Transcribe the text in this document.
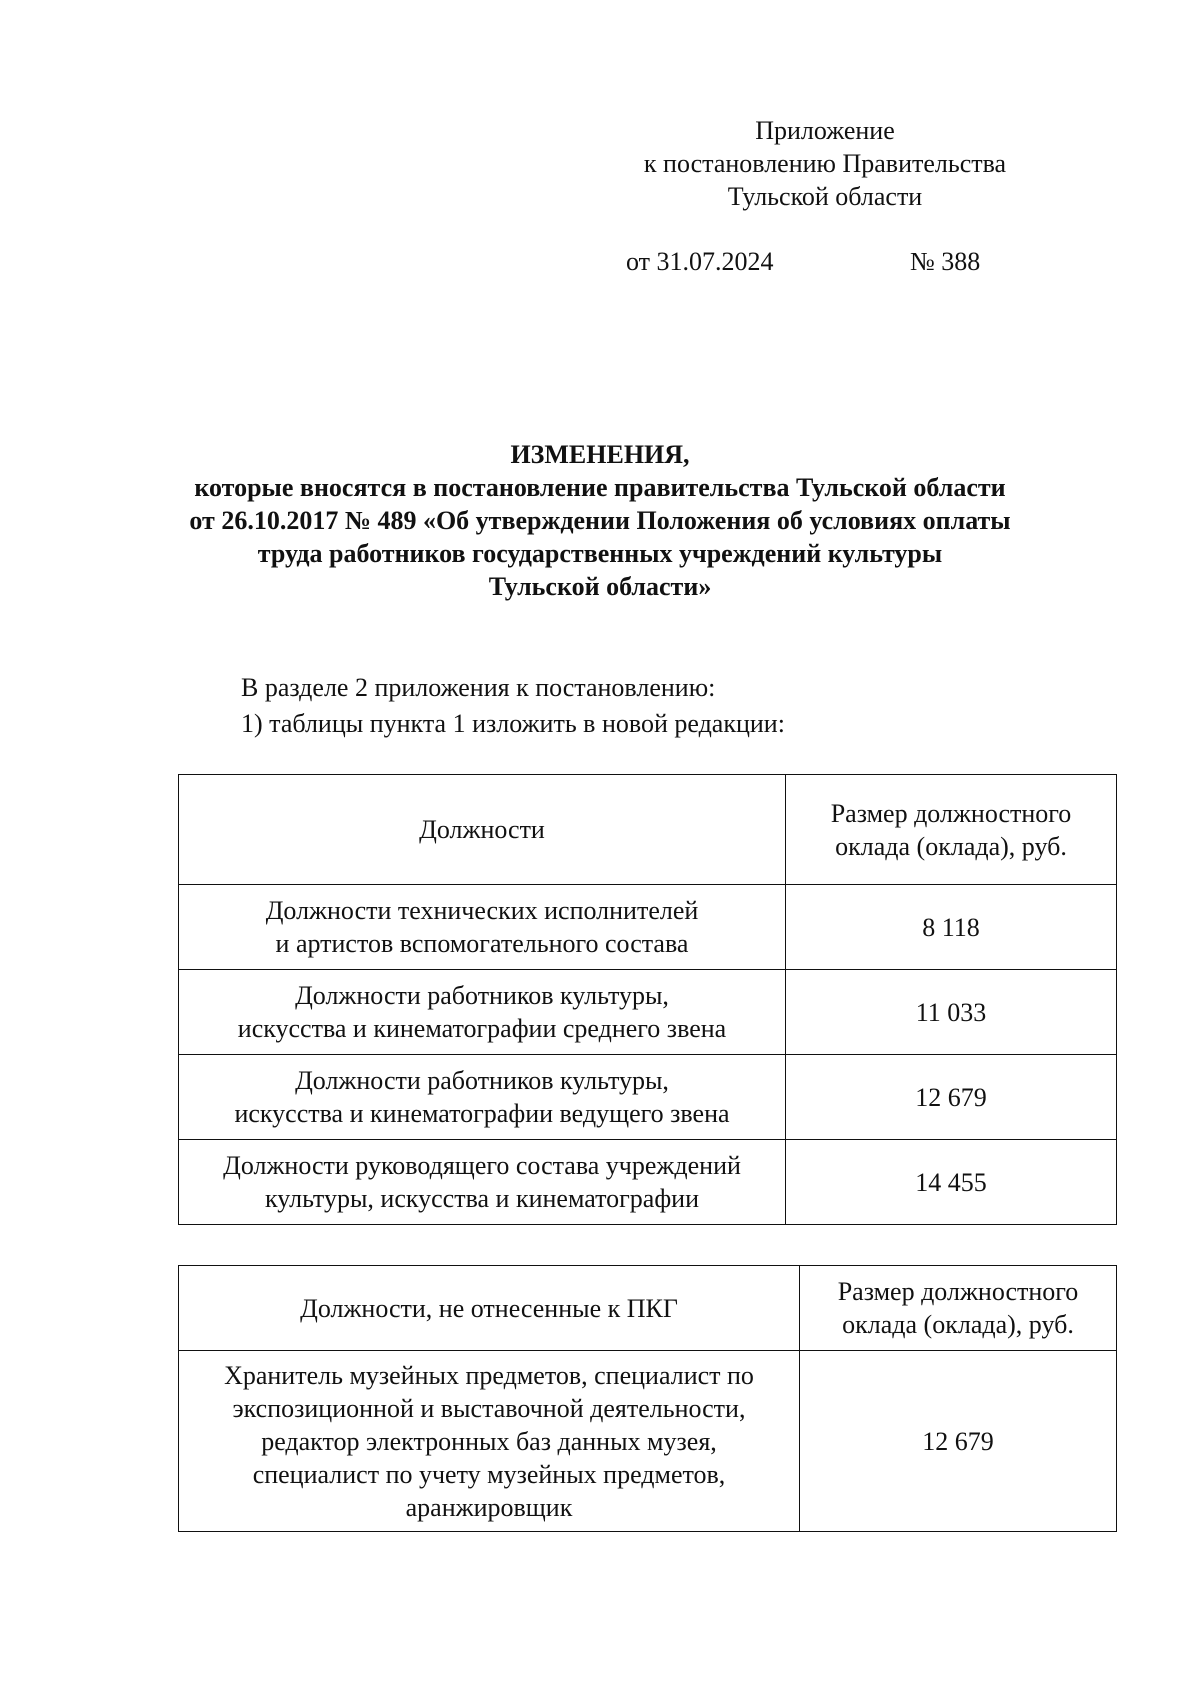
Приложение
к постановлению Правительства
Тульской области
от 31.07.2024	№ 388
ИЗМЕНЕНИЯ,
которые вносятся в постановление правительства Тульской области
от 26.10.2017 № 489 «Об утверждении Положения об условиях оплаты
труда работников государственных учреждений культуры
Тульской области»
В разделе 2 приложения к постановлению:
1) таблицы пункта 1 изложить в новой редакции:
Должности	Размер должностного
оклада (оклада), руб.
Должности технических исполнителей
и артистов вспомогательного состава	8 118
Должности работников культуры,
искусства и кинематографии среднего звена	11 033
Должности работников культуры,
искусства и кинематографии ведущего звена	12 679
Должности руководящего состава учреждений
культуры, искусства и кинематографии	14 455
Должности, не отнесенные к ПКГ	Размер должностного
оклада (оклада), руб.
Хранитель музейных предметов, специалист по
экспозиционной и выставочной деятельности,
редактор электронных баз данных музея,
специалист по учету музейных предметов,
аранжировщик	12 679
